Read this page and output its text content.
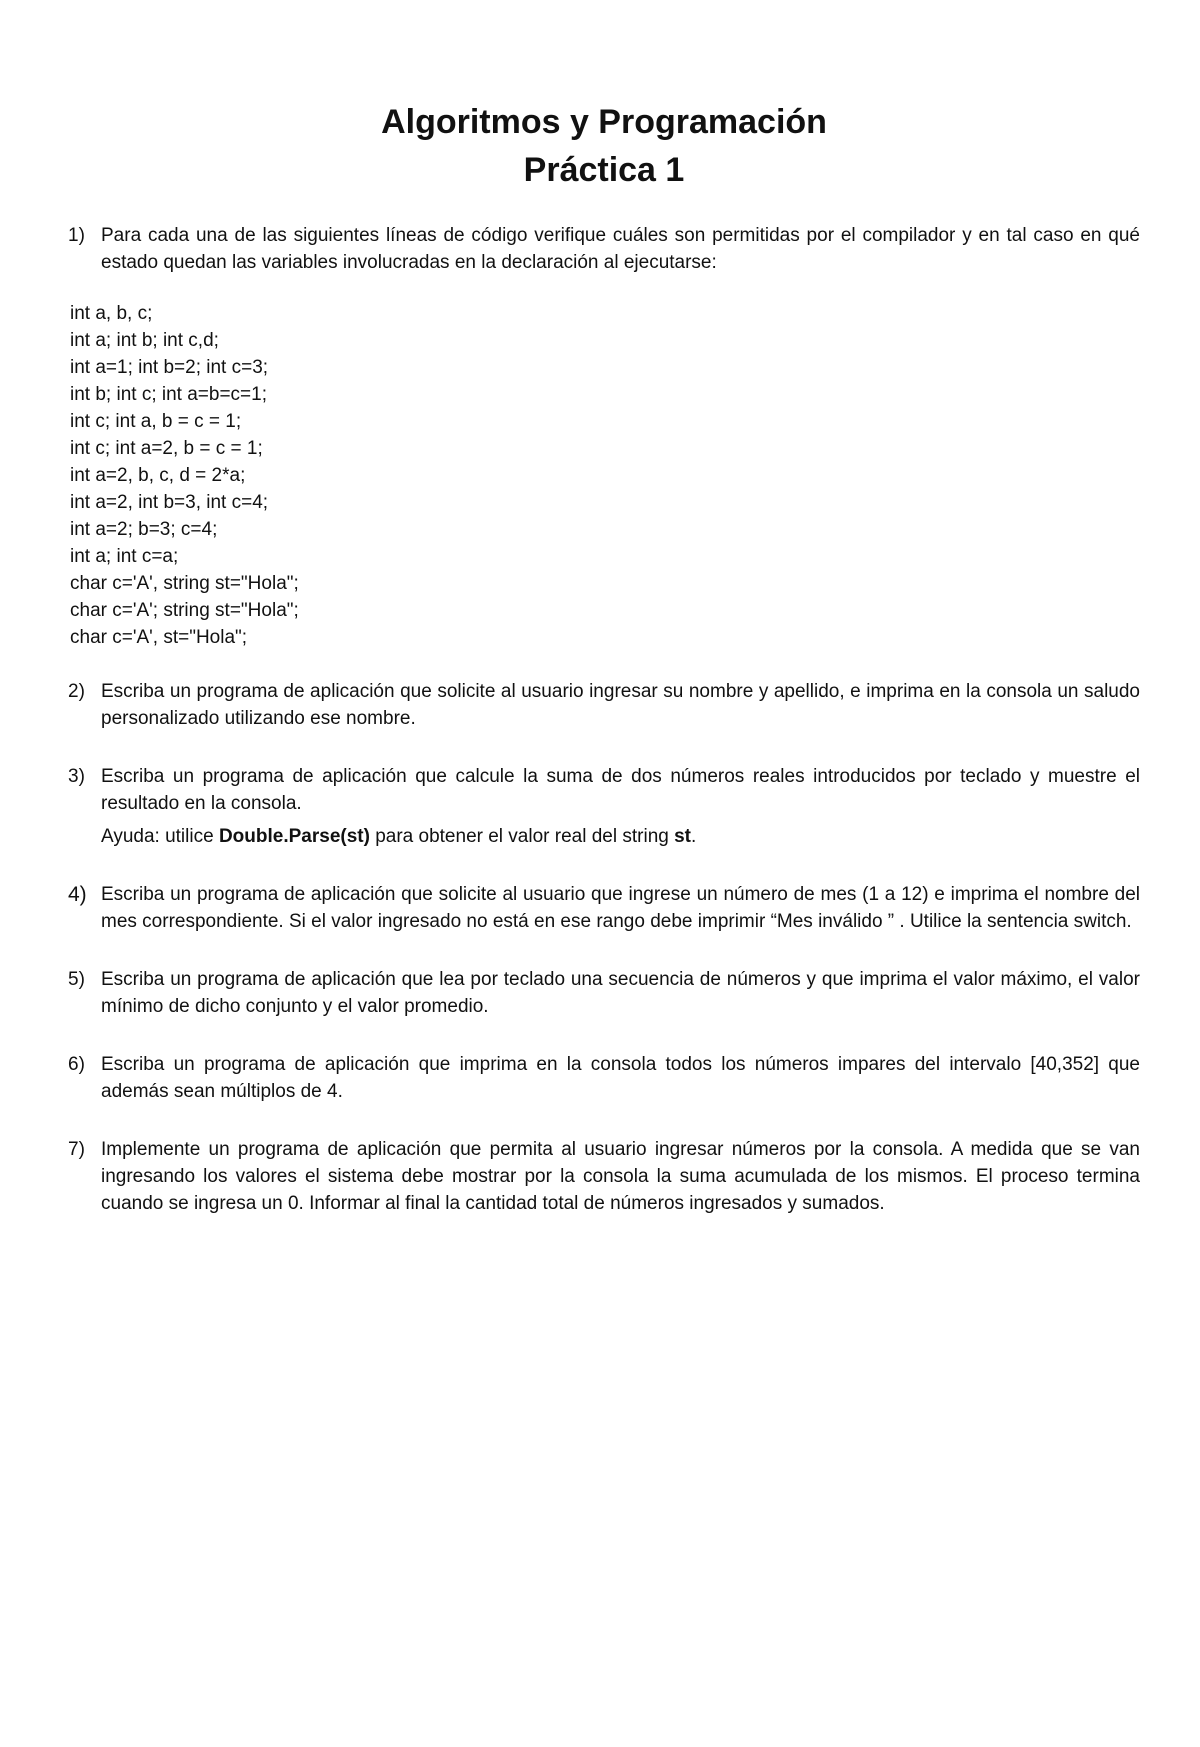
Algoritmos y Programación
Práctica 1
1) Para cada una de las siguientes líneas de código verifique cuáles son permitidas por el compilador y en tal caso en qué estado quedan las variables involucradas en la declaración al ejecutarse:
int a, b, c;
int a; int b; int c,d;
int a=1; int b=2; int c=3;
int b; int c; int a=b=c=1;
int c; int a, b = c = 1;
int c; int a=2, b = c = 1;
int a=2, b, c, d = 2*a;
int a=2, int b=3, int c=4;
int a=2; b=3; c=4;
int a; int c=a;
char c='A', string st="Hola";
char c='A'; string st="Hola";
char c='A', st="Hola";
2) Escriba un programa de aplicación que solicite al usuario ingresar su nombre y apellido, e imprima en la consola un saludo personalizado utilizando ese nombre.
3) Escriba un programa de aplicación que calcule la suma de dos números reales introducidos por teclado y muestre el resultado en la consola.
Ayuda: utilice Double.Parse(st) para obtener el valor real del string st.
4) Escriba un programa de aplicación que solicite al usuario que ingrese un número de mes (1 a 12) e imprima el nombre del mes correspondiente. Si el valor ingresado no está en ese rango debe imprimir “Mes inválido ” . Utilice la sentencia switch.
5) Escriba un programa de aplicación que lea por teclado una secuencia de números y que imprima el valor máximo, el valor mínimo de dicho conjunto y el valor promedio.
6) Escriba un programa de aplicación que imprima en la consola todos los números impares del intervalo [40,352] que además sean múltiplos de 4.
7) Implemente un programa de aplicación que permita al usuario ingresar números por la consola. A medida que se van ingresando los valores el sistema debe mostrar por la consola la suma acumulada de los mismos. El proceso termina cuando se ingresa un 0. Informar al final la cantidad total de números ingresados y sumados.
